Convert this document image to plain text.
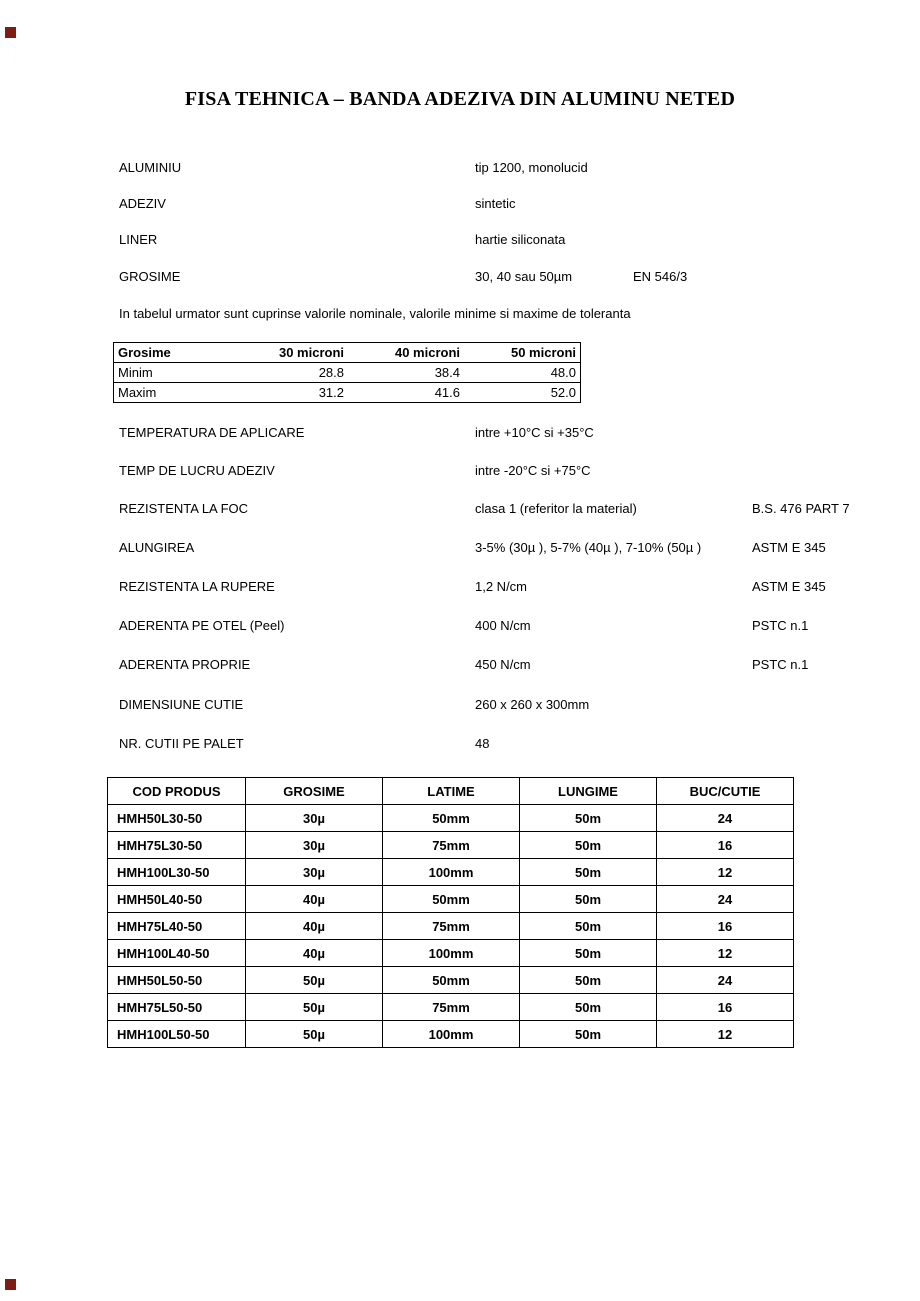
FISA TEHNICA – BANDA ADEZIVA DIN ALUMINU NETED
ALUMINIU	tip 1200, monolucid
ADEZIV	sintetic
LINER	hartie siliconata
GROSIME	30, 40 sau 50µm	EN 546/3

In tabelul urmator sunt cuprinse valorile nominale, valorile minime si maxime de toleranta

Grosime	30 microni	40 microni	50 microni
Minim	28.8	38.4	48.0
Maxim	31.2	41.6	52.0
TEMPERATURA DE APLICARE	intre +10°C si +35°C
TEMP DE LUCRU ADEZIV	intre -20°C si +75°C
REZISTENTA LA FOC	clasa 1 (referitor la material)	B.S. 476 PART 7
ALUNGIREA	3-5% (30µ ), 5-7% (40µ ), 7-10% (50µ )	ASTM E 345
REZISTENTA LA RUPERE	1,2 N/cm	ASTM E 345
ADERENTA PE OTEL (Peel)	400 N/cm	PSTC n.1
ADERENTA PROPRIE	450 N/cm	PSTC n.1
DIMENSIUNE CUTIE	260 x 260 x 300mm
NR. CUTII PE PALET	48
COD PRODUS	GROSIME	LATIME	LUNGIME	BUC/CUTIE
HMH50L30-50	30µ	50mm	50m	24
HMH75L30-50	30µ	75mm	50m	16
HMH100L30-50	30µ	100mm	50m	12
HMH50L40-50	40µ	50mm	50m	24
HMH75L40-50	40µ	75mm	50m	16
HMH100L40-50	40µ	100mm	50m	12
HMH50L50-50	50µ	50mm	50m	24
HMH75L50-50	50µ	75mm	50m	16
HMH100L50-50	50µ	100mm	50m	12
